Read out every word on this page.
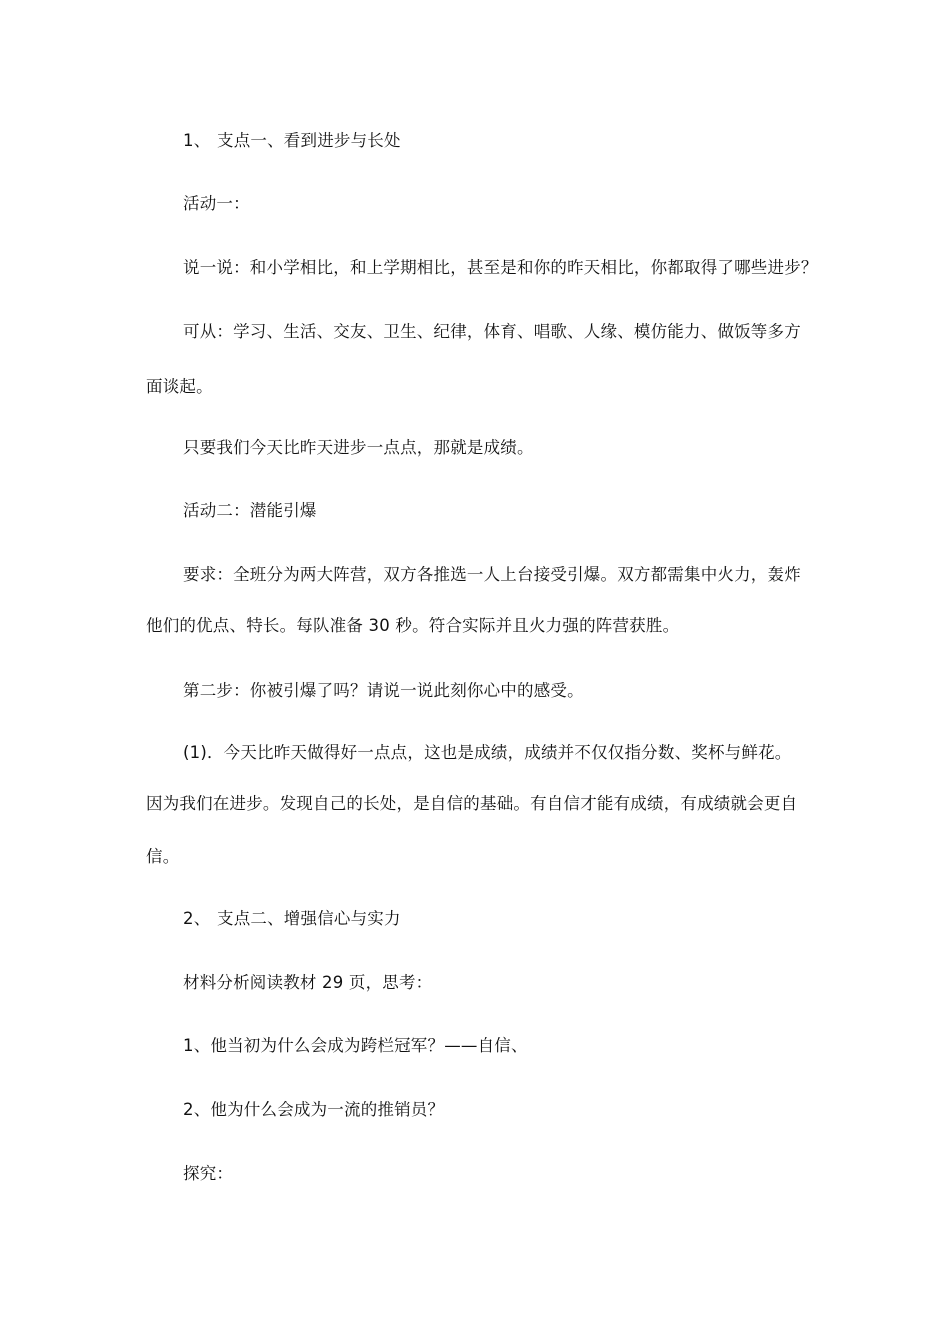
1、 支点一、看到进步与长处
活动一：
说一说：和小学相比，和上学期相比，甚至是和你的昨天相比，你都取得了哪些进步？
可从：学习、生活、交友、卫生、纪律，体育、唱歌、人缘、模仿能力、做饭等多方
面谈起。
只要我们今天比昨天进步一点点，那就是成绩。
活动二：潜能引爆
要求：全班分为两大阵营，双方各推选一人上台接受引爆。双方都需集中火力，轰炸
他们的优点、特长。每队准备 30 秒。符合实际并且火力强的阵营获胜。
第二步：你被引爆了吗？请说一说此刻你心中的感受。
(1)．今天比昨天做得好一点点，这也是成绩，成绩并不仅仅指分数、奖杯与鲜花。
因为我们在进步。发现自己的长处，是自信的基础。有自信才能有成绩，有成绩就会更自
信。
2、 支点二、增强信心与实力
材料分析阅读教材 29 页，思考：
1、他当初为什么会成为跨栏冠军？——自信、
2、他为什么会成为一流的推销员？
探究：
